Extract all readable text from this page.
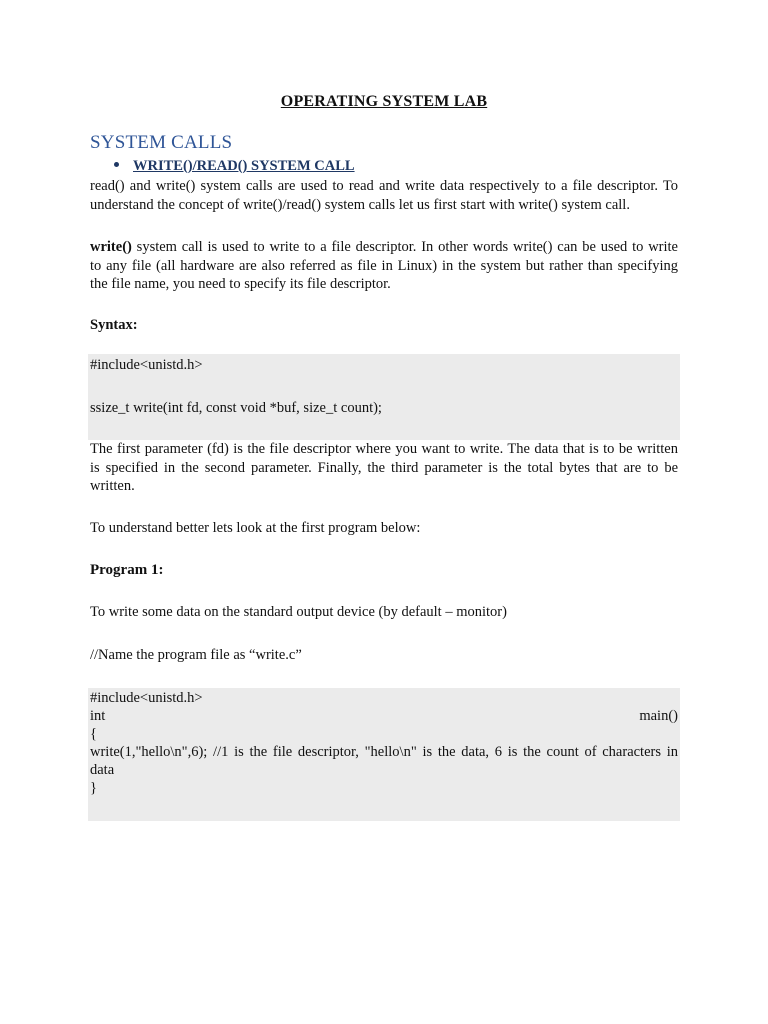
OPERATING SYSTEM LAB
SYSTEM CALLS
WRITE()/READ() SYSTEM CALL
read() and write() system calls are used to read and write data respectively to a file descriptor. To
understand the concept of write()/read() system calls let us first start with write() system call.
write() system call is used to write to a file descriptor. In other words write() can be used to write
to any file (all hardware are also referred as file in Linux) in the system but rather than specifying
the file name, you need to specify its file descriptor.
Syntax:
#include<unistd.h>
ssize_t write(int fd, const void *buf, size_t count);
The first parameter (fd) is the file descriptor where you want to write. The data that is to be written
is specified in the second parameter. Finally, the third parameter is the total bytes that are to be
written.
To understand better lets look at the first program below:
Program 1:
To write some data on the standard output device (by default – monitor)
//Name the program file as “write.c”
#include<unistd.h>
int	main()
{
write(1,"hello\n",6); //1 is the file descriptor, "hello\n" is the data, 6 is the count of characters in
data
}
